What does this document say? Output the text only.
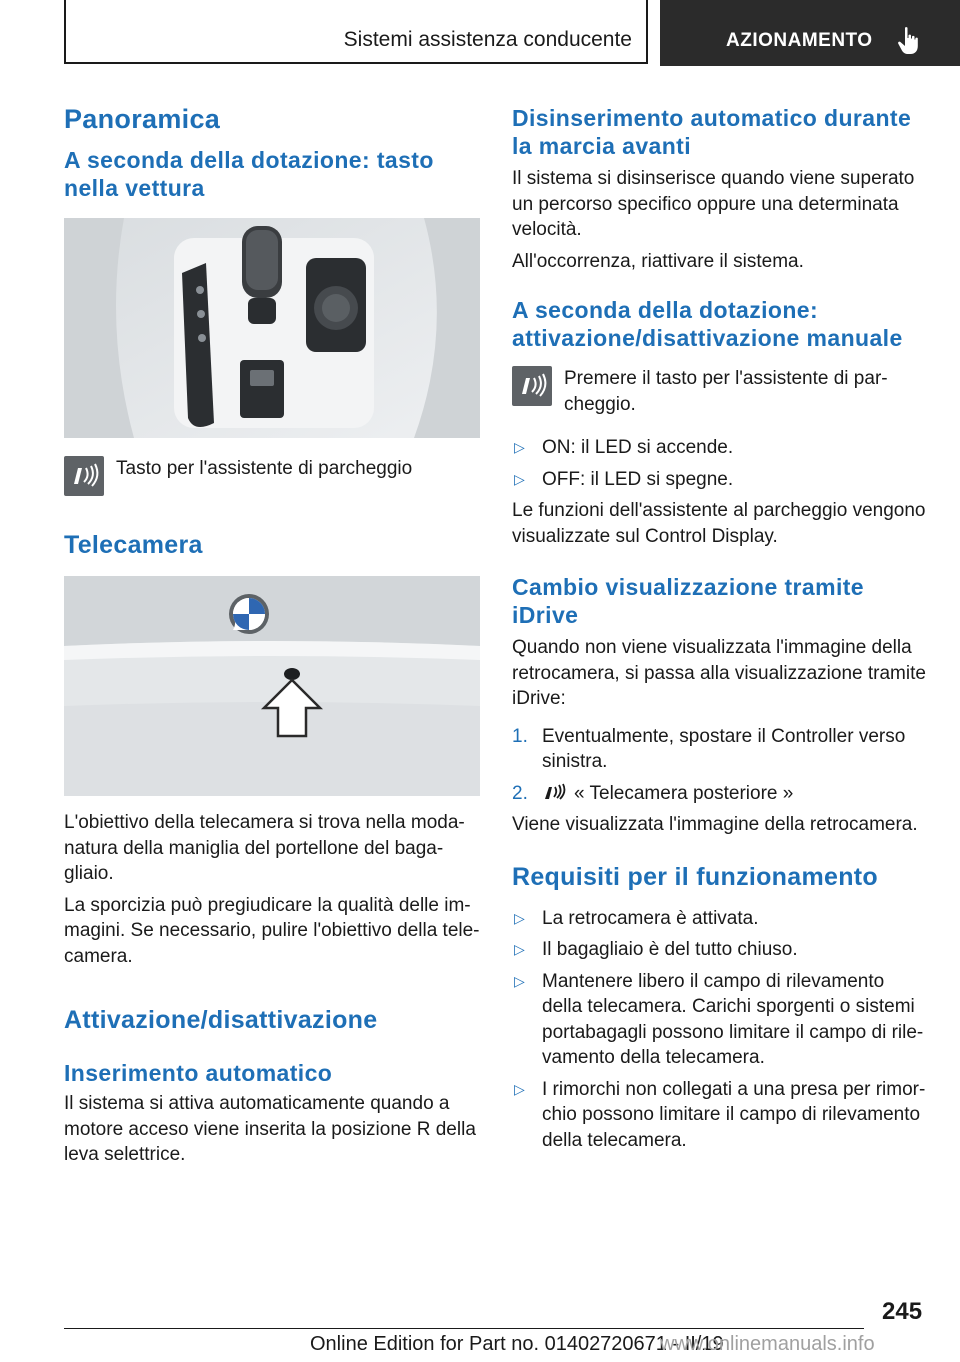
Sistemi assistenza conducente	AZIONAMENTO
Panoramica
A seconda della dotazione: tasto nella vettura

Tasto per l'assistente di parcheggio

Telecamera

L'obiettivo della telecamera si trova nella moda-natura della maniglia del portellone del baga-gliaio.

La sporcizia può pregiudicare la qualità delle im-magini. Se necessario, pulire l'obiettivo della tele-camera.

Attivazione/disattivazione
Inserimento automatico

Il sistema si attiva automaticamente quando a motore acceso viene inserita la posizione R della leva selettrice.

Disinserimento automatico durante la marcia avanti

Il sistema si disinserisce quando viene superato un percorso specifico oppure una determinata velocità.

All'occorrenza, riattivare il sistema.

A seconda della dotazione: attivazione/disattivazione manuale

Premere il tasto per l'assistente di par-cheggio.

▷ ON: il LED si accende.
▷ OFF: il LED si spegne.

Le funzioni dell'assistente al parcheggio vengono visualizzate sul Control Display.

Cambio visualizzazione tramite iDrive

Quando non viene visualizzata l'immagine della retrocamera, si passa alla visualizzazione tramite iDrive:

1. Eventualmente, spostare il Controller verso sinistra.
2. « Telecamera posteriore »

Viene visualizzata l'immagine della retrocamera.

Requisiti per il funzionamento
▷ La retrocamera è attivata.
▷ Il bagagliaio è del tutto chiuso.
▷ Mantenere libero il campo di rilevamento della telecamera. Carichi sporgenti o sistemi portabagagli possono limitare il campo di rile-vamento della telecamera.
▷ I rimorchi non collegati a una presa per rimor-chio possono limitare il campo di rilevamento della telecamera.
245
Online Edition for Part no. 01402720671 - II/19
www.onlinemanuals.info
